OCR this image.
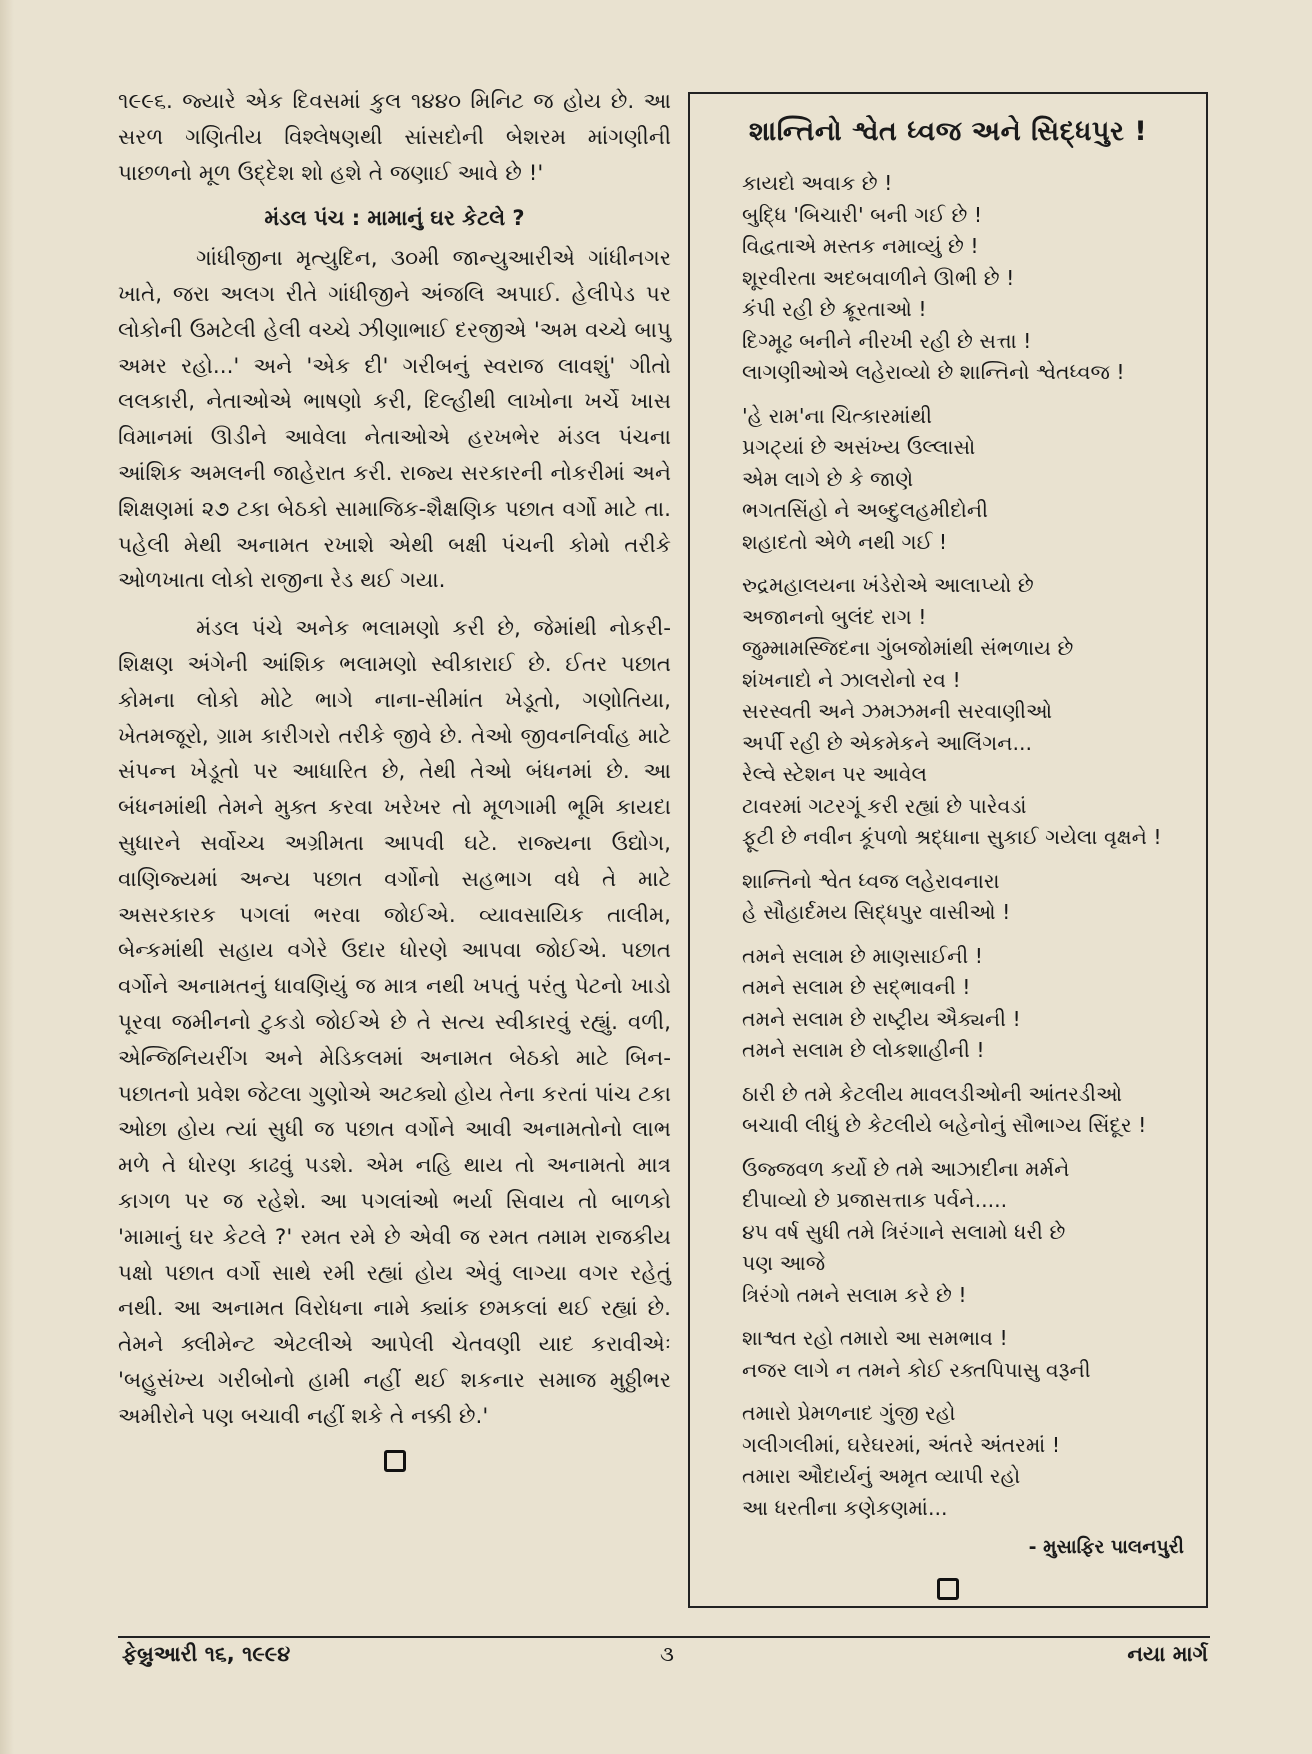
૧૯૯૬. જ્યારે એક દિવસમાં કુલ ૧૪૪૦ મિનિટ જ હોય છે. આ સરળ ગણિતીય વિશ્લેષણથી સાંસદોની બેશરમ માંગણીની પાછળનો મૂળ ઉદ્દેશ શો હશે તે જણાઈ આવે છે !'

મંડલ પંચ : મામાનું ઘર કેટલે ?

ગાંધીજીના મૃત્યુદિન, ૩૦મી જાન્યુઆરીએ ગાંધીનગર ખાતે, જરા અલગ રીતે ગાંધીજીને અંજલિ અપાઈ. હેલીપેડ પર લોકોની ઉમટેલી હેલી વચ્ચે ઝીણાભાઈ દરજીએ 'અમ વચ્ચે બાપુ અમર રહો...' અને 'એક દી' ગરીબનું સ્વરાજ લાવશું' ગીતો લલકારી, નેતાઓએ ભાષણો કરી, દિલ્હીથી લાખોના ખર્ચે ખાસ વિમાનમાં ઊડીને આવેલા નેતાઓએ હરખભેર મંડલ પંચના આંશિક અમલની જાહેરાત કરી. રાજ્ય સરકારની નોકરીમાં અને શિક્ષણમાં ૨૭ ટકા બેઠકો સામાજિક-શૈક્ષણિક પછાત વર્ગો માટે તા. પહેલી મેથી અનામત રખાશે એથી બક્ષી પંચની કોમો તરીકે ઓળખાતા લોકો રાજીના રેડ થઈ ગયા.

મંડલ પંચે અનેક ભલામણો કરી છે, જેમાંથી નોકરી-શિક્ષણ અંગેની આંશિક ભલામણો સ્વીકારાઈ છે. ઈતર પછાત કોમના લોકો મોટે ભાગે નાના-સીમાંત ખેડૂતો, ગણોતિયા, ખેતમજૂરો, ગ્રામ કારીગરો તરીકે જીવે છે. તેઓ જીવનનિર્વાહ માટે સંપન્ન ખેડૂતો પર આધારિત છે, તેથી તેઓ બંધનમાં છે. આ બંધનમાંથી તેમને મુક્ત કરવા ખરેખર તો મૂળગામી ભૂમિ કાયદા સુધારને સર્વોચ્ચ અગ્રીમતા આપવી ઘટે. રાજ્યના ઉદ્યોગ, વાણિજ્યમાં અન્ય પછાત વર્ગોનો સહભાગ વધે તે માટે અસરકારક પગલાં ભરવા જોઈએ. વ્યાવસાયિક તાલીમ, બેન્કમાંથી સહાય વગેરે ઉદાર ધોરણે આપવા જોઈએ. પછાત વર્ગોને અનામતનું ધાવણિયું જ માત્ર નથી ખપતું પરંતુ પેટનો ખાડો પૂરવા જમીનનો ટુકડો જોઈએ છે તે સત્ય સ્વીકારવું રહ્યું. વળી, એન્જિનિયરીંગ અને મેડિકલમાં અનામત બેઠકો માટે બિન-પછાતનો પ્રવેશ જેટલા ગુણોએ અટક્યો હોય તેના કરતાં પાંચ ટકા ઓછા હોય ત્યાં સુધી જ પછાત વર્ગોને આવી અનામતોનો લાભ મળે તે ધોરણ કાઢવું પડશે. એમ નહિ થાય તો અનામતો માત્ર કાગળ પર જ રહેશે. આ પગલાંઓ ભર્યા સિવાય તો બાળકો 'મામાનું ઘર કેટલે ?' રમત રમે છે એવી જ રમત તમામ રાજકીય પક્ષો પછાત વર્ગો સાથે રમી રહ્યાં હોય એવું લાગ્યા વગર રહેતું નથી. આ અનામત વિરોધના નામે ક્યાંક છમકલાં થઈ રહ્યાં છે. તેમને ક્લીમેન્ટ એટલીએ આપેલી ચેતવણી યાદ કરાવીએઃ 'બહુસંખ્ય ગરીબોનો હામી નહીં થઈ શકનાર સમાજ મુઠ્ઠીભર અમીરોને પણ બચાવી નહીં શકે તે નક્કી છે.'

શાન્તિનો શ્વેત ધ્વજ અને સિદ્ધપુર !
કાયદો અવાક છે !
બુદ્ધિ 'બિચારી' બની ગઈ છે !
વિદ્વતાએ મસ્તક નમાવ્યું છે !
શૂરવીરતા અદબવાળીને ઊભી છે !
કંપી રહી છે ક્રૂરતાઓ !
દિગ્મૂઢ બનીને નીરખી રહી છે સત્તા !
લાગણીઓએ લહેરાવ્યો છે શાન્તિનો શ્વેતધ્વજ !
'હે રામ'ના ચિત્કારમાંથી
પ્રગટ્યાં છે અસંખ્ય ઉલ્લાસો
એમ લાગે છે કે જાણે
ભગતસિંહો ને અબ્દુલહમીદોની
શહાદતો એળે નથી ગઈ !
રુદ્રમહાલયના ખંડેરોએ આલાપ્યો છે
અજાનનો બુલંદ રાગ !
જુમ્મામસ્જિદના ગુંબજોમાંથી સંભળાય છે
શંખનાદો ને ઝાલરોનો રવ !
સરસ્વતી અને ઝમઝમની સરવાણીઓ
અર્પી રહી છે એકમેકને આલિંગન...
રેલ્વે સ્ટેશન પર આવેલ
ટાવરમાં ગટરગૂં કરી રહ્યાં છે પારેવડાં
ફૂટી છે નવીન કૂંપળો શ્રદ્ધાના સુકાઈ ગયેલા વૃક્ષને !
શાન્તિનો શ્વેત ધ્વજ લહેરાવનારા
હે સૌહાર્દમય સિદ્ધપુર વાસીઓ !
તમને સલામ છે માણસાઈની !
તમને સલામ છે સદ્ભાવની !
તમને સલામ છે રાષ્ટ્રીય ઐક્યની !
તમને સલામ છે લોકશાહીની !
ઠારી છે તમે કેટલીય માવલડીઓની આંતરડીઓ
બચાવી લીધું છે કેટલીયે બહેનોનું સૌભાગ્ય સિંદૂર !
ઉજ્જવળ કર્યો છે તમે આઝાદીના મર્મને
દીપાવ્યો છે પ્રજાસત્તાક પર્વને.....
૪૫ વર્ષ સુધી તમે ત્રિરંગાને સલામો ધરી છે
પણ આજે
ત્રિરંગો તમને સલામ કરે છે !
શાશ્વત રહો તમારો આ સમભાવ !
નજર લાગે ન તમને કોઈ રક્તપિપાસુ વરૂની
તમારો પ્રેમળનાદ ગુંજી રહો
ગલીગલીમાં, ઘરેઘરમાં, અંતરે અંતરમાં !
તમારા ઔદાર્યનું અમૃત વ્યાપી રહો
આ ધરતીના કણેકણમાં...
- મુસાફિર પાલનપુરી
ફેબ્રુઆરી ૧૬, ૧૯૯૪	૩	નયા માર્ગ
